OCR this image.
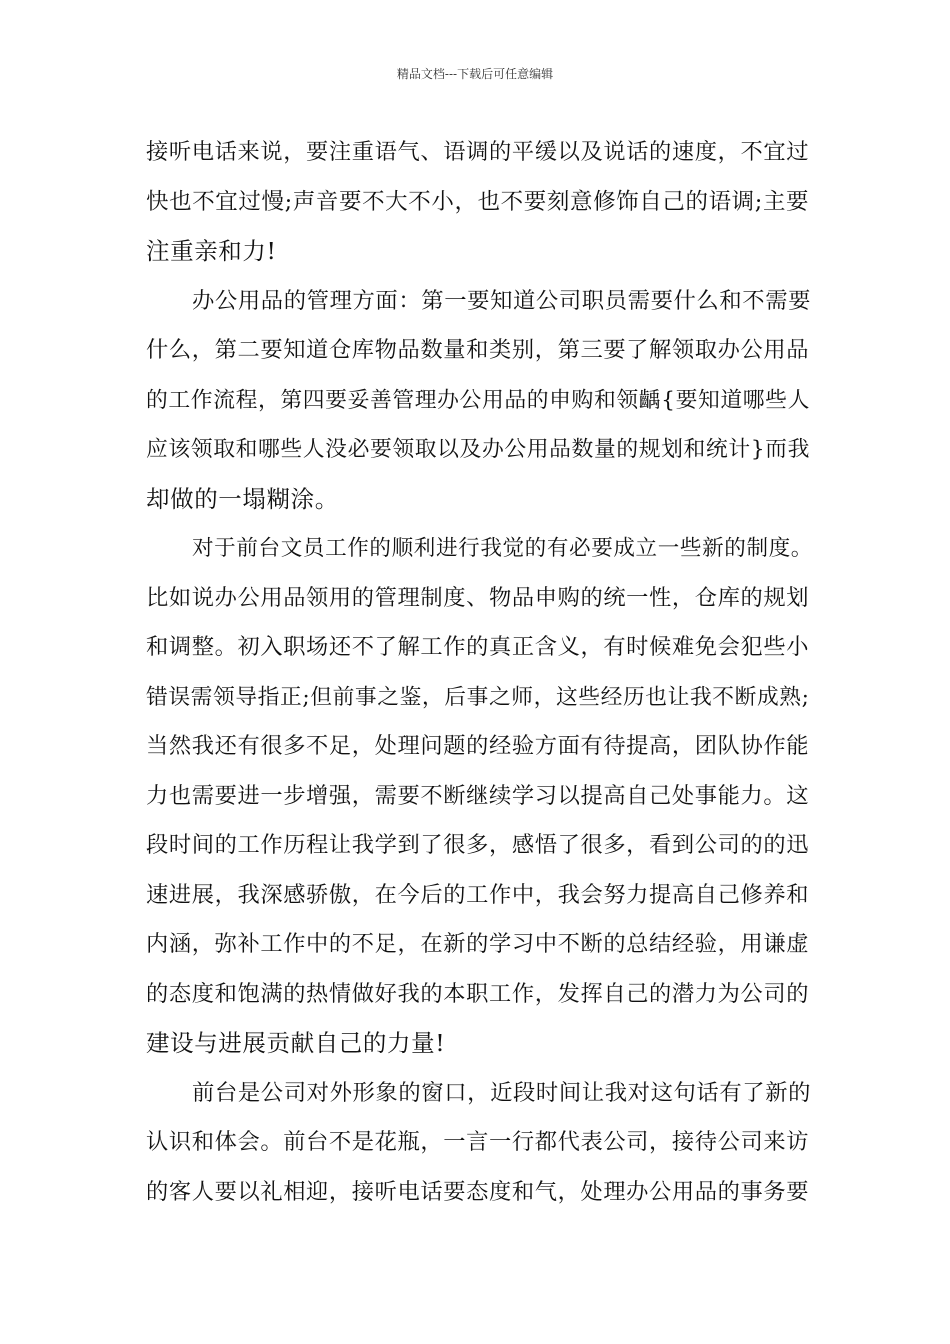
精品文档---下载后可任意编辑
接听电话来说，要注重语气、语调的平缓以及说话的速度，不宜过
快也不宜过慢;声音要不大不小，也不要刻意修饰自己的语调;主要
注重亲和力!
办公用品的管理方面：第一要知道公司职员需要什么和不需要
什么，第二要知道仓库物品数量和类别，第三要了解领取办公用品
的工作流程，第四要妥善管理办公用品的申购和领齲{要知道哪些人
应该领取和哪些人没必要领取以及办公用品数量的规划和统计}而我
却做的一塌糊涂。
对于前台文员工作的顺利进行我觉的有必要成立一些新的制度。
比如说办公用品领用的管理制度、物品申购的统一性，仓库的规划
和调整。初入职场还不了解工作的真正含义，有时候难免会犯些小
错误需领导指正;但前事之鉴，后事之师，这些经历也让我不断成熟;
当然我还有很多不足，处理问题的经验方面有待提高，团队协作能
力也需要进一步增强，需要不断继续学习以提高自己处事能力。这
段时间的工作历程让我学到了很多，感悟了很多，看到公司的的迅
速进展，我深感骄傲，在今后的工作中，我会努力提高自己修养和
内涵，弥补工作中的不足，在新的学习中不断的总结经验，用谦虚
的态度和饱满的热情做好我的本职工作，发挥自己的潜力为公司的
建设与进展贡献自己的力量!
前台是公司对外形象的窗口，近段时间让我对这句话有了新的
认识和体会。前台不是花瓶，一言一行都代表公司，接待公司来访
的客人要以礼相迎，接听电话要态度和气，处理办公用品的事务要
